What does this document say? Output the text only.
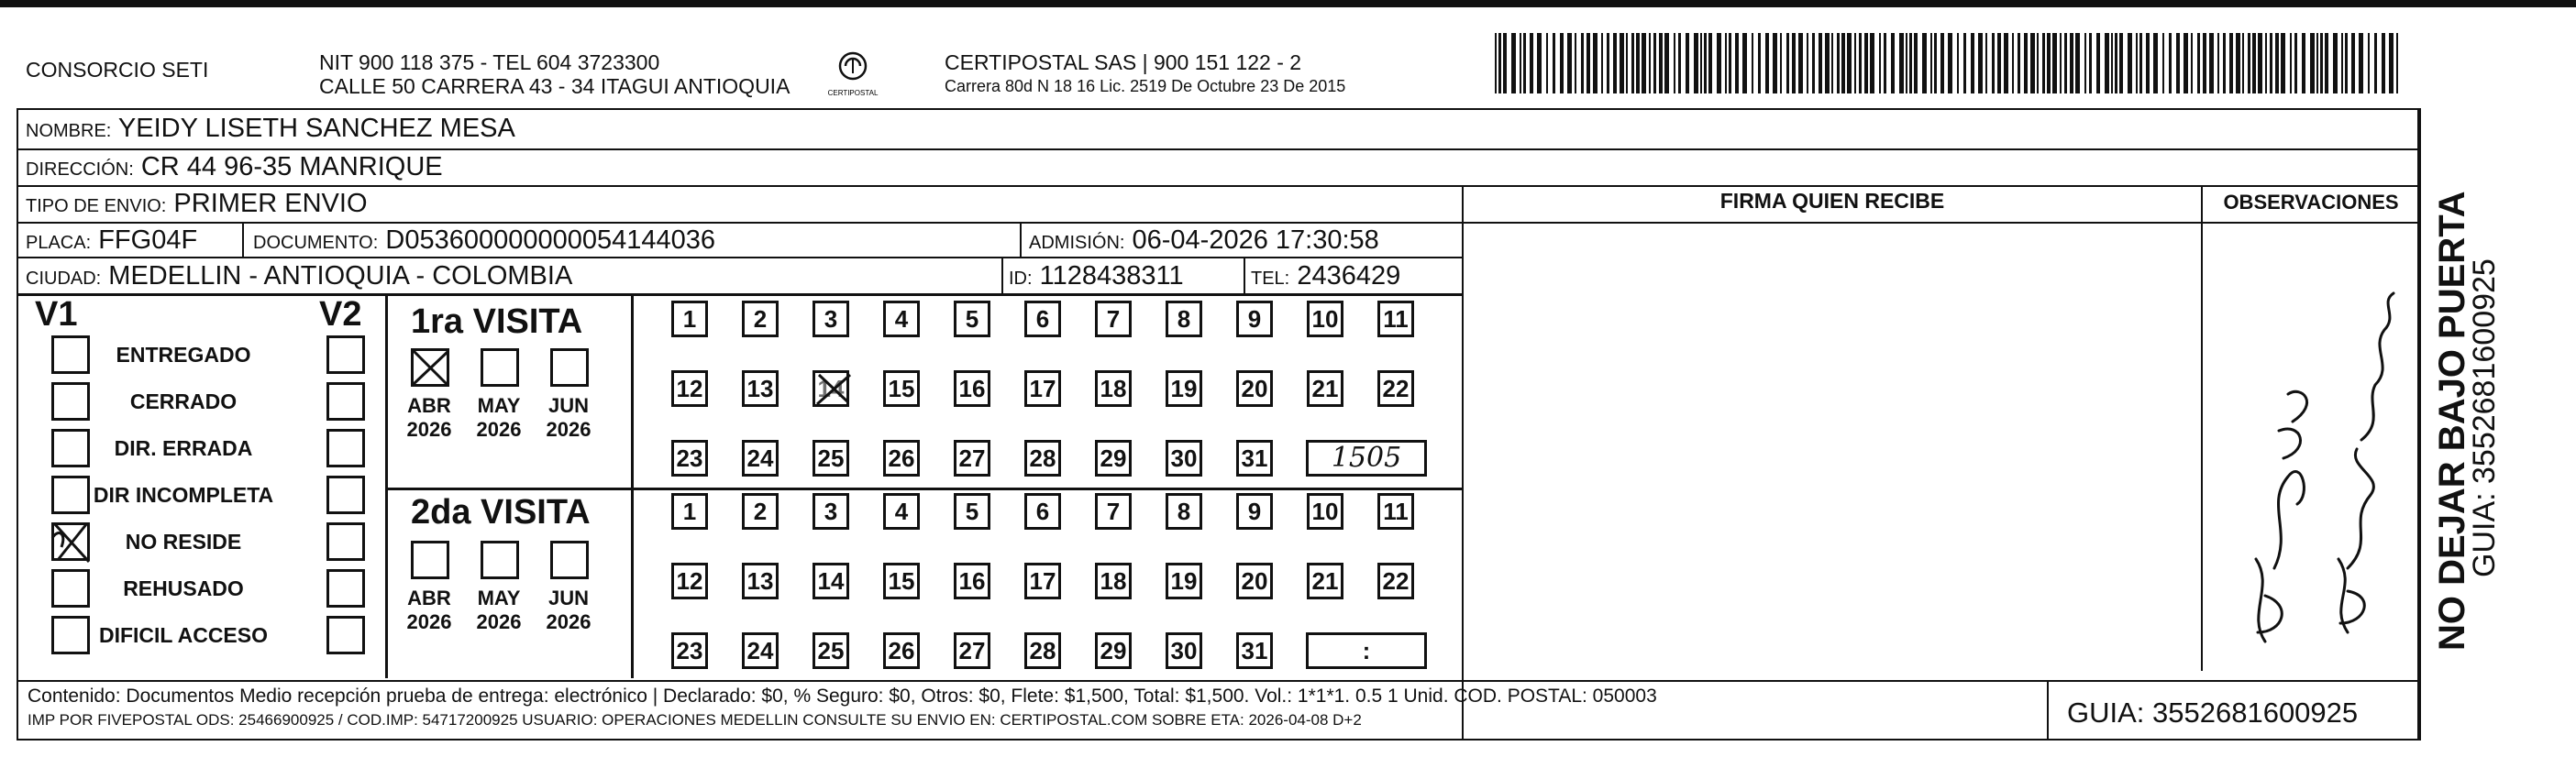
CONSORCIO SETI	NIT 900 118 375 - TEL 604 3723300
CALLE 50 CARRERA 43 - 34 ITAGUI ANTIOQUIA	CERTIPOSTAL
CERTIPOSTAL SAS | 900 151 122 - 2
Carrera 80d N 18 16 Lic. 2519 De Octubre 23 De 2015
NOMBRE: YEIDY LISETH SANCHEZ MESA
DIRECCIÓN: CR 44 96-35 MANRIQUE
TIPO DE ENVIO: PRIMER ENVIO	FIRMA QUIEN RECIBE	OBSERVACIONES
PLACA: FFG04F	DOCUMENTO: D053600000000054144036	ADMISIÓN: 06-04-2026 17:30:58
CIUDAD: MEDELLIN - ANTIOQUIA - COLOMBIA	ID: 1128438311	TEL: 2436429
V1	V2
ENTREGADO
CERRADO
DIR. ERRADA
DIR INCOMPLETA
NO RESIDE
REHUSADO
DIFICIL ACCESO
1ra VISITA
2da VISITA
ABR
2026
MAY
2026
JUN
2026
1	2	3	4	5	6	7	8	9	10 11
12 13 14 15 16 17 18 19 20 21 22
23 24 25 26 27 28 29 30 31	1505
ABR
2026
MAY
2026
JUN
2026
1	2	3	4	5	6	7	8	9	10 11
12 13 14 15 16 17 18 19 20 21 22
23 24 25 26 27 28 29 30 31	:	NO DEJAR BAJO PUERTA
GUIA: 3552681600925
Contenido: Documentos Medio recepción prueba de entrega: electrónico | Declarado: $0, % Seguro: $0, Otros: $0, Flete: $1,500, Total: $1,500. Vol.: 1*1*1. 0.5 1 Unid. COD. POSTAL: 050003
IMP POR FIVEPOSTAL ODS: 25466900925 / COD.IMP: 54717200925 USUARIO: OPERACIONES MEDELLIN CONSULTE SU ENVIO EN: CERTIPOSTAL.COM SOBRE ETA: 2026-04-08 D+2	GUIA: 3552681600925
